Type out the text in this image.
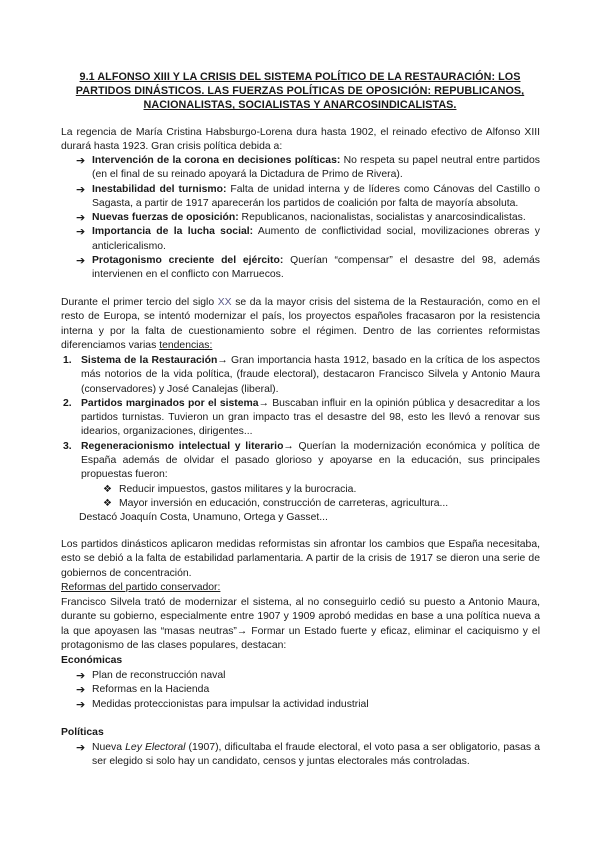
9.1 ALFONSO XIII Y LA CRISIS DEL SISTEMA POLÍTICO DE LA RESTAURACIÓN: LOS
PARTIDOS DINÁSTICOS. LAS FUERZAS POLÍTICAS DE OPOSICIÓN: REPUBLICANOS,
NACIONALISTAS, SOCIALISTAS Y ANARCOSINDICALISTAS.
La regencia de María Cristina Habsburgo-Lorena dura hasta 1902, el reinado efectivo de Alfonso XIII durará hasta 1923. Gran crisis política debida a:
➔ Intervención de la corona en decisiones políticas: No respeta su papel neutral entre partidos (en el final de su reinado apoyará la Dictadura de Primo de Rivera).
➔ Inestabilidad del turnismo: Falta de unidad interna y de líderes como Cánovas del Castillo o Sagasta, a partir de 1917 aparecerán los partidos de coalición por falta de mayoría absoluta.
➔ Nuevas fuerzas de oposición: Republicanos, nacionalistas, socialistas y anarcosindicalistas.
➔ Importancia de la lucha social: Aumento de conflictividad social, movilizaciones obreras y anticlericalismo.
➔ Protagonismo creciente del ejército: Querían “compensar” el desastre del 98, además intervienen en el conflicto con Marruecos.
Durante el primer tercio del siglo XX se da la mayor crisis del sistema de la Restauración, como en el resto de Europa, se intentó modernizar el país, los proyectos españoles fracasaron por la resistencia interna y por la falta de cuestionamiento sobre el régimen. Dentro de las corrientes reformistas diferenciamos varias tendencias:
1. Sistema de la Restauración→ Gran importancia hasta 1912, basado en la crítica de los aspectos más notorios de la vida política, (fraude electoral), destacaron Francisco Silvela y Antonio Maura (conservadores) y José Canalejas (liberal).
2. Partidos marginados por el sistema→ Buscaban influir en la opinión pública y desacreditar a los partidos turnistas. Tuvieron un gran impacto tras el desastre del 98, esto les llevó a renovar sus idearios, organizaciones, dirigentes...
3. Regeneracionismo intelectual y literario→ Querían la modernización económica y política de España además de olvidar el pasado glorioso y apoyarse en la educación, sus principales propuestas fueron:
❖ Reducir impuestos, gastos militares y la burocracia.
❖ Mayor inversión en educación, construcción de carreteras, agricultura...
Destacó Joaquín Costa, Unamuno, Ortega y Gasset...
Los partidos dinásticos aplicaron medidas reformistas sin afrontar los cambios que España necesitaba, esto se debió a la falta de estabilidad parlamentaria. A partir de la crisis de 1917 se dieron una serie de gobiernos de concentración.
Reformas del partido conservador:
Francisco Silvela trató de modernizar el sistema, al no conseguirlo cedió su puesto a Antonio Maura, durante su gobierno, especialmente entre 1907 y 1909 aprobó medidas en base a una política nueva a la que apoyasen las “masas neutras”→ Formar un Estado fuerte y eficaz, eliminar el caciquismo y el protagonismo de las clases populares, destacan:
Económicas
➔ Plan de reconstrucción naval
➔ Reformas en la Hacienda
➔ Medidas proteccionistas para impulsar la actividad industrial
Políticas
➔ Nueva Ley Electoral (1907), dificultaba el fraude electoral, el voto pasa a ser obligatorio, pasas a ser elegido si solo hay un candidato, censos y juntas electorales más controladas.
